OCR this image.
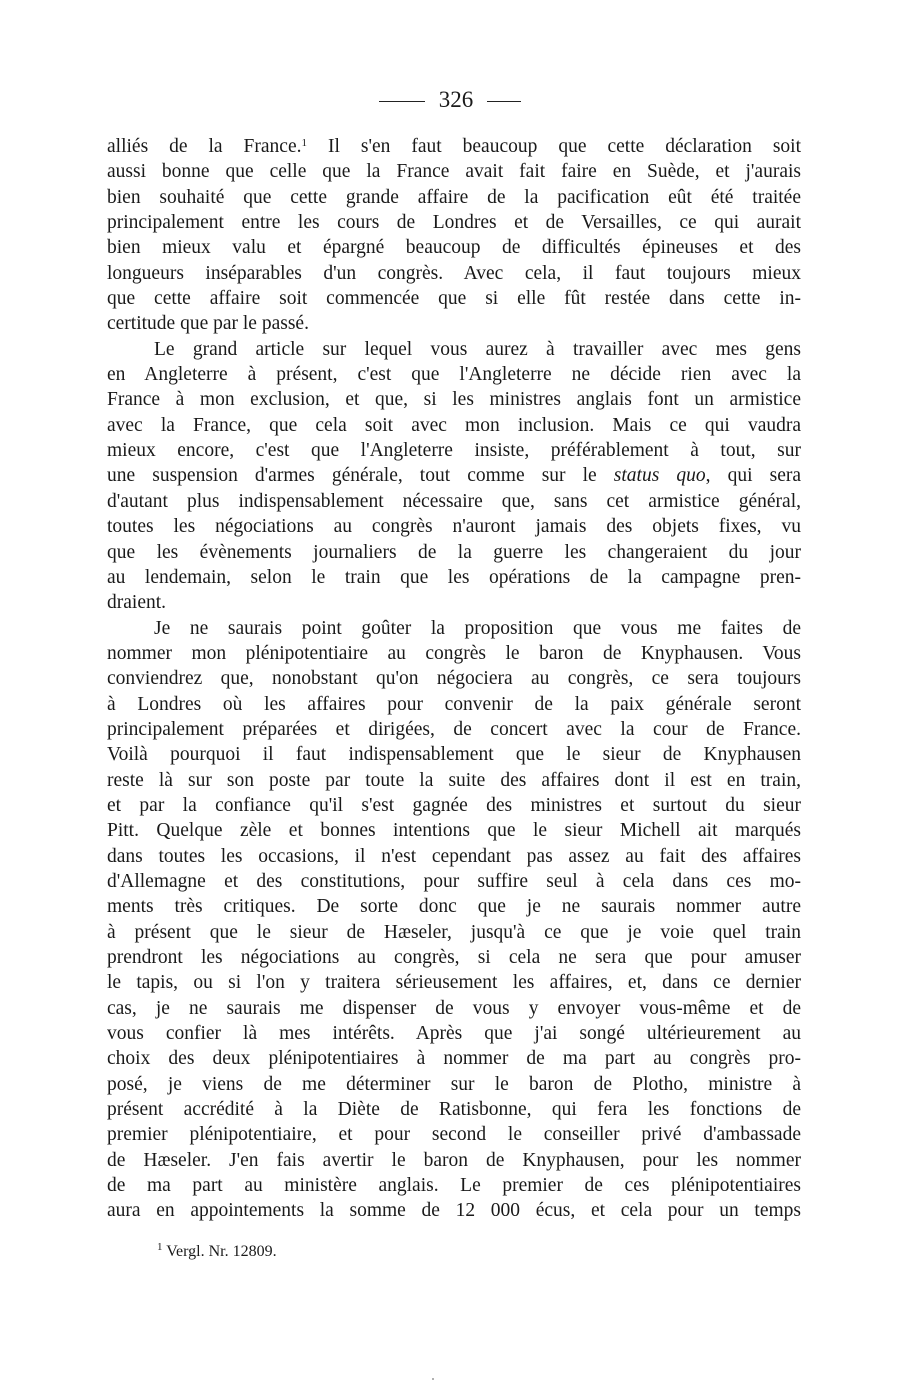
326
alliés de la France.$^1$ Il s'en faut beaucoup que cette déclaration soit
aussi bonne que celle que la France avait fait faire en Suède, et j'aurais
bien souhaité que cette grande affaire de la pacification eût été traitée
principalement entre les cours de Londres et de Versailles, ce qui aurait
bien mieux valu et épargné beaucoup de difficultés épineuses et des
longueurs inséparables d'un congrès. Avec cela, il faut toujours mieux
que cette affaire soit commencée que si elle fût restée dans cette in-
certitude que par le passé.
Le grand article sur lequel vous aurez à travailler avec mes gens
en Angleterre à présent, c'est que l'Angleterre ne décide rien avec la
France à mon exclusion, et que, si les ministres anglais font un armistice
avec la France, que cela soit avec mon inclusion. Mais ce qui vaudra
mieux encore, c'est que l'Angleterre insiste, préférablement à tout, sur
une suspension d'armes générale, tout comme sur le status quo, qui sera
d'autant plus indispensablement nécessaire que, sans cet armistice général,
toutes les négociations au congrès n'auront jamais des objets fixes, vu
que les évènements journaliers de la guerre les changeraient du jour
au lendemain, selon le train que les opérations de la campagne pren-
draient.
Je ne saurais point goûter la proposition que vous me faites de
nommer mon plénipotentiaire au congrès le baron de Knyphausen. Vous
conviendrez que, nonobstant qu'on négociera au congrès, ce sera toujours
à Londres où les affaires pour convenir de la paix générale seront
principalement préparées et dirigées, de concert avec la cour de France.
Voilà pourquoi il faut indispensablement que le sieur de Knyphausen
reste là sur son poste par toute la suite des affaires dont il est en train,
et par la confiance qu'il s'est gagnée des ministres et surtout du sieur
Pitt. Quelque zèle et bonnes intentions que le sieur Michell ait marqués
dans toutes les occasions, il n'est cependant pas assez au fait des affaires
d'Allemagne et des constitutions, pour suffire seul à cela dans ces mo-
ments très critiques. De sorte donc que je ne saurais nommer autre
à présent que le sieur de Hæseler, jusqu'à ce que je voie quel train
prendront les négociations au congrès, si cela ne sera que pour amuser
le tapis, ou si l'on y traitera sérieusement les affaires, et, dans ce dernier
cas, je ne saurais me dispenser de vous y envoyer vous-même et de
vous confier là mes intérêts. Après que j'ai songé ultérieurement au
choix des deux plénipotentiaires à nommer de ma part au congrès pro-
posé, je viens de me déterminer sur le baron de Plotho, ministre à
présent accrédité à la Diète de Ratisbonne, qui fera les fonctions de
premier plénipotentiaire, et pour second le conseiller privé d'ambassade
de Hæseler. J'en fais avertir le baron de Knyphausen, pour les nommer
de ma part au ministère anglais. Le premier de ces plénipotentiaires
aura en appointements la somme de 12 000 écus, et cela pour un temps
$^1$ Vergl. Nr. 12809.
